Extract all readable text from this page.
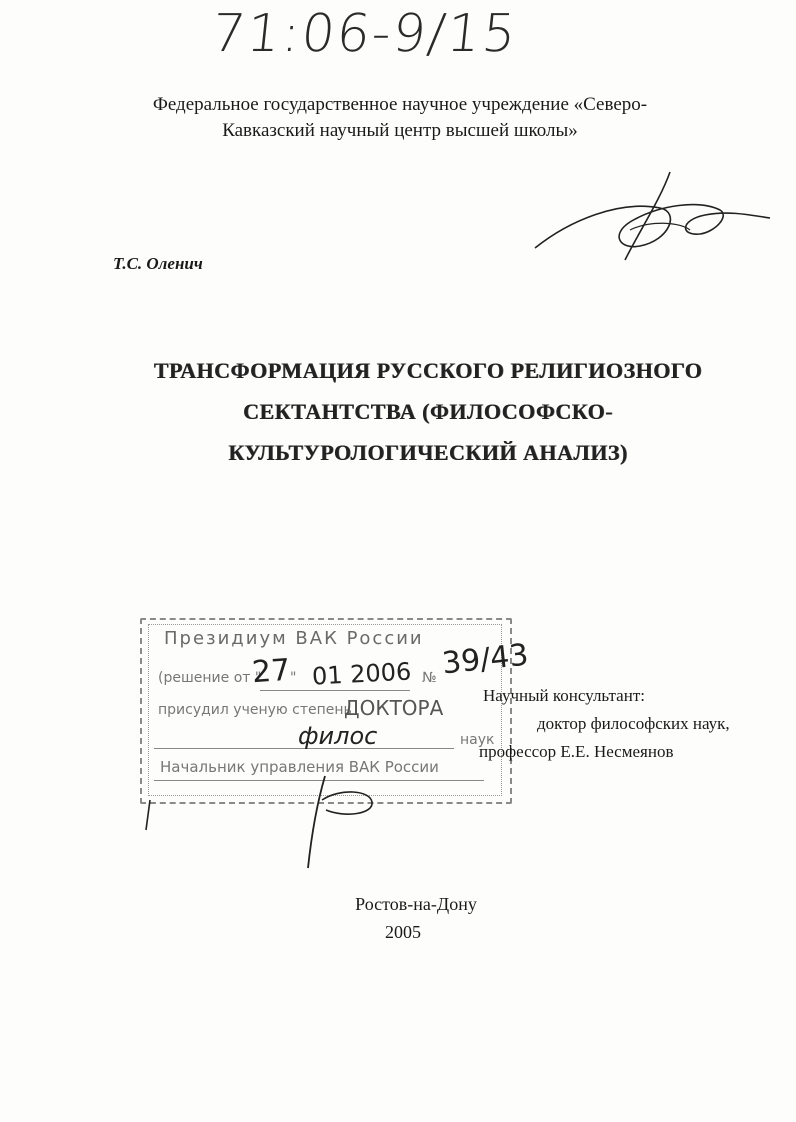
71:06-9/15
Федеральное государственное научное учреждение «Северо-
Кавказский научный центр высшей школы»
Т.С. Оленич
ТРАНСФОРМАЦИЯ РУССКОГО РЕЛИГИОЗНОГО
СЕКТАНТСТВА (ФИЛОСОФСКО-
КУЛЬТУРОЛОГИЧЕСКИЙ АНАЛИЗ)
Президиум ВАК России
(решение от "
27
" 01 2006 № 39/43
присудил ученую степень
ДОКТОРА
филос	наук
Начальник управления ВАК России
Научный консультант:
доктор философских наук,
профессор Е.Е. Несмеянов
Ростов-на-Дону
2005
